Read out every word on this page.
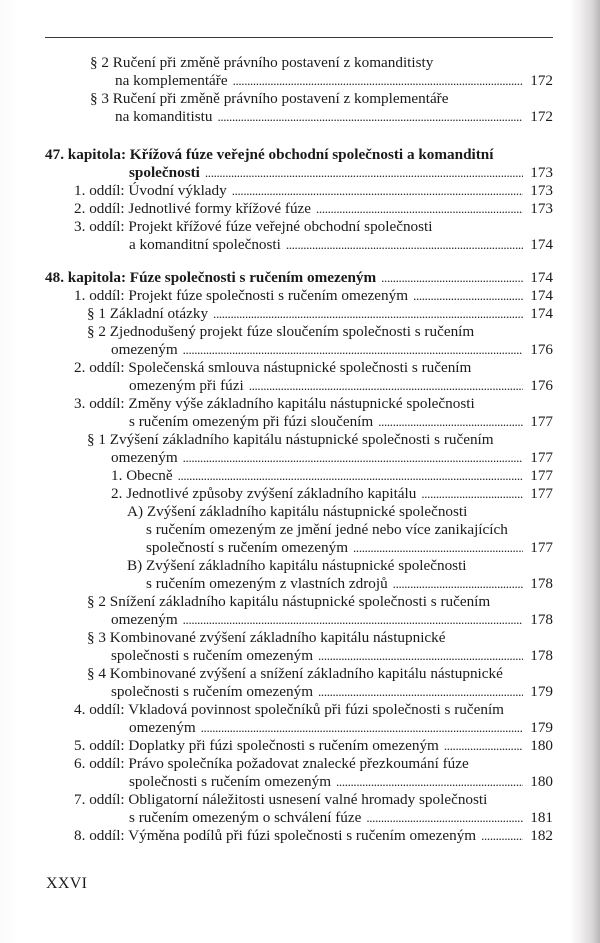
§ 2 Ručení při změně právního postavení z komanditisty
na komplementáře . . .	172
§ 3 Ručení při změně právního postavení z komplementáře
na komanditistu . . .	172
47. kapitola: Křížová fúze veřejné obchodní společnosti a komanditní
společnosti . . .	173
1. oddíl: Úvodní výklady . . .	173
2. oddíl: Jednotlivé formy křížové fúze . . .	173
3. oddíl: Projekt křížové fúze veřejné obchodní společnosti
a komanditní společnosti . . .	174
48. kapitola: Fúze společnosti s ručením omezeným . . .	174
1. oddíl: Projekt fúze společnosti s ručením omezeným . . .	174
§ 1 Základní otázky . . .	174
§ 2 Zjednodušený projekt fúze sloučením společnosti s ručením
omezeným . . .	176
2. oddíl: Společenská smlouva nástupnické společnosti s ručením
omezeným při fúzi . . .	176
3. oddíl: Změny výše základního kapitálu nástupnické společnosti
s ručením omezeným při fúzi sloučením . . .	177
§ 1 Zvýšení základního kapitálu nástupnické společnosti s ručením
omezeným . . .	177
1. Obecně . . .	177
2. Jednotlivé způsoby zvýšení základního kapitálu . . .	177
A) Zvýšení základního kapitálu nástupnické společnosti
s ručením omezeným ze jmění jedné nebo více zanikajících
společností s ručením omezeným . . .	177
B) Zvýšení základního kapitálu nástupnické společnosti
s ručením omezeným z vlastních zdrojů . . .	178
§ 2 Snížení základního kapitálu nástupnické společnosti s ručením
omezeným . . .	178
§ 3 Kombinované zvýšení základního kapitálu nástupnické
společnosti s ručením omezeným . . .	178
§ 4 Kombinované zvýšení a snížení základního kapitálu nástupnické
společnosti s ručením omezeným . . .	179
4. oddíl: Vkladová povinnost společníků při fúzi společnosti s ručením
omezeným . . .	179
5. oddíl: Doplatky při fúzi společnosti s ručením omezeným . . .	180
6. oddíl: Právo společníka požadovat znalecké přezkoumání fúze
společnosti s ručením omezeným . . .	180
7. oddíl: Obligatorní náležitosti usnesení valné hromady společnosti
s ručením omezeným o schválení fúze . . .	181
8. oddíl: Výměna podílů při fúzi společnosti s ručením omezeným . . .	182
XXVI
